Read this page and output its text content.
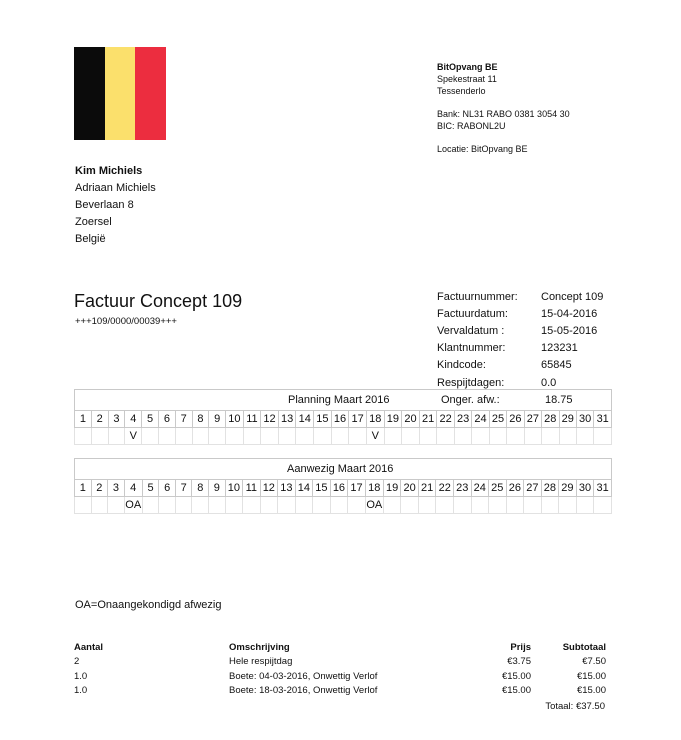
BitOpvang BE
Spekestraat 11
Tessenderlo
Bank: NL31 RABO 0381 3054 30
BIC: RABONL2U
Locatie: BitOpvang BE
Kim Michiels
Adriaan Michiels
Beverlaan 8
Zoersel
België
Factuur Concept 109
+++109/0000/00039+++
Factuurnummer:	Concept 109
Factuurdatum:	15-04-2016
Vervaldatum :	15-05-2016
Klantnummer:	123231
Kindcode:	65845
Respijtdagen:	0.0
Planning Maart 2016																					Onger. afw.: 18.75									
1	2	3	4	5	6	7	8	9	10	11	12	13	14	15	16	17	18	19	20	21	22	23	24	25	26	27	28	29	30	31
			V														V													
Aanwezig Maart 2016																														
1	2	3	4	5	6	7	8	9	10	11	12	13	14	15	16	17	18	19	20	21	22	23	24	25	26	27	28	29	30	31
			OA														OA													
OA=Onaangekondigd afwezig
Aantal	Omschrijving	Prijs	Subtotaal
2	Hele respijtdag	€3.75	€7.50
1.0	Boete: 04-03-2016, Onwettig Verlof	€15.00	€15.00
1.0	Boete: 18-03-2016, Onwettig Verlof	€15.00	€15.00
Totaal: €37.50
